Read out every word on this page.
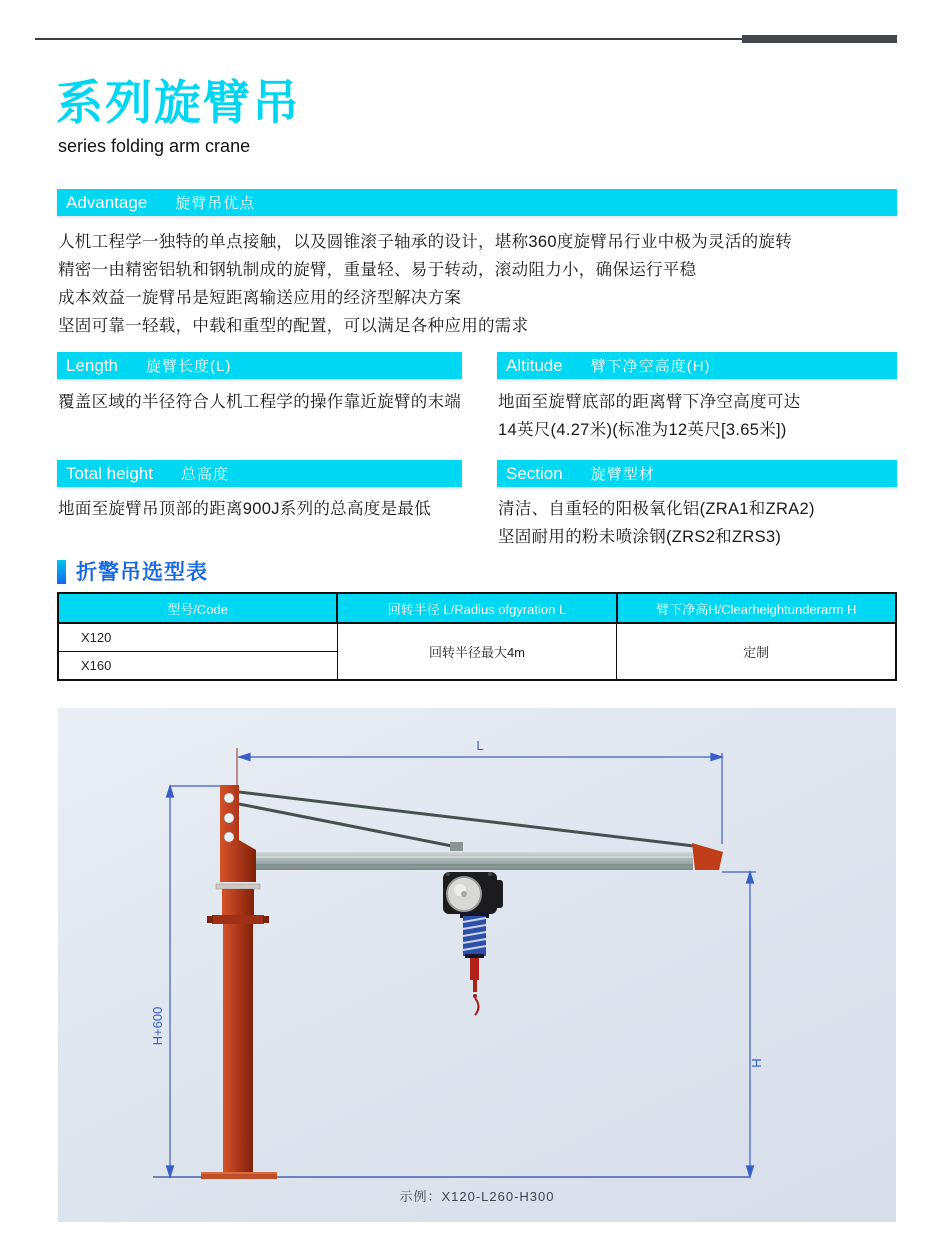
系列旋臂吊
series folding arm crane
Advantage 旋臂吊优点
人机工程学一独特的单点接触，以及圆锥滚子轴承的设计，堪称360度旋臂吊行业中极为灵活的旋转
精密一由精密铝轨和钢轨制成的旋臂，重量轻、易于转动，滚动阻力小，确保运行平稳
成本效益一旋臂吊是短距离输送应用的经济型解决方案
坚固可靠一轻载，中载和重型的配置，可以满足各种应用的需求
Length 旋臂长度(L)
覆盖区域的半径符合人机工程学的操作靠近旋臂的末端
Altitude 臂下净空高度(H)
地面至旋臂底部的距离臂下净空高度可达
14英尺(4.27米)(标准为12英尺[3.65米])
Total height 总高度
地面至旋臂吊顶部的距离900J系列的总高度是最低
Section 旋臂型材
清洁、自重轻的阳极氧化铝(ZRA1和ZRA2)
坚固耐用的粉未喷涂钢(ZRS2和ZRS3)
折警吊选型表
型号/Code	回转半径 L/Radius ofgyration L	臂下净高H/Clearheightunderarm H
X120	回转半径最大4m	定制
X160		
L
H+600
H
示例：X120-L260-H300
